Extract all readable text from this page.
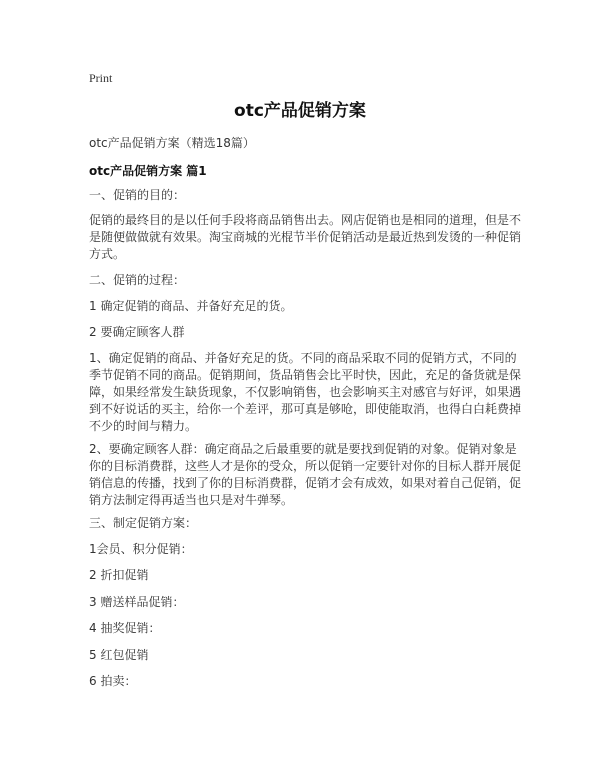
Print
otc产品促销方案
otc产品促销方案（精选18篇）
otc产品促销方案 篇1

一、促销的目的：

促销的最终目的是以任何手段将商品销售出去。网店促销也是相同的道理，但是不是随便做做就有效果。淘宝商城的光棍节半价促销活动是最近热到发烫的一种促销方式。

二、促销的过程：

1 确定促销的商品、并备好充足的货。

2 要确定顾客人群

1、确定促销的商品、并备好充足的货。不同的商品采取不同的促销方式，不同的季节促销不同的商品。促销期间，货品销售会比平时快，因此，充足的备货就是保障，如果经常发生缺货现象，不仅影响销售，也会影响买主对感官与好评，如果遇到不好说话的买主，给你一个差评，那可真是够呛，即使能取消，也得白白耗费掉不少的时间与精力。

2、要确定顾客人群：确定商品之后最重要的就是要找到促销的对象。促销对象是你的目标消费群，这些人才是你的受众，所以促销一定要针对你的目标人群开展促销信息的传播，找到了你的目标消费群，促销才会有成效，如果对着自己促销，促销方法制定得再适当也只是对牛弹琴。

三、制定促销方案：

1会员、积分促销：

2 折扣促销

3 赠送样品促销：

4 抽奖促销：

5 红包促销

6 拍卖：
